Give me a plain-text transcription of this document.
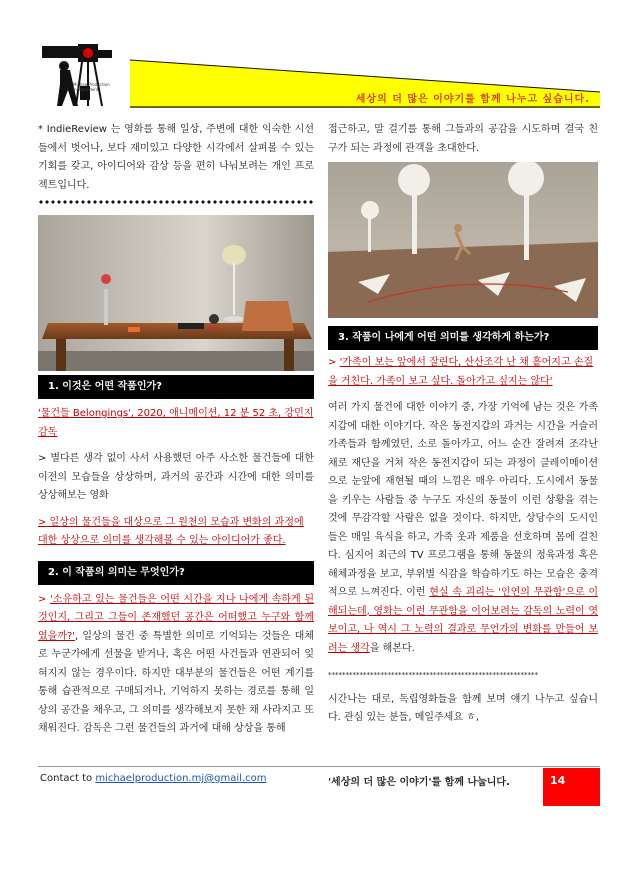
MichaelProduction
Independent
세상의 더 많은 이야기를 함께 나누고 싶습니다.

* IndieReview 는 영화를 통해 일상, 주변에 대한 익숙한 시선들에서 벗어나, 보다 재미있고 다양한 시각에서 살펴볼 수 있는 기회를 갖고, 아이디어와 감상 등을 편히 나눠보려는 개인 프로젝트입니다.

1. 이것은 어떤 작품인가?

'물건들 Belongings', 2020, 애니메이션, 12 분 52 초, 강민지 감독

> 별다른 생각 없이 사서 사용했던 아주 사소한 물건들에 대한 이전의 모습들을 상상하며, 과거의 공간과 시간에 대한 의미를 상상해보는 영화

> 일상의 물건들을 대상으로 그 원천의 모습과 변화의 과정에 대한 상상으로 의미를 생각해볼 수 있는 아이디어가 좋다.

2. 이 작품의 의미는 무엇인가?

> '소유하고 있는 물건들은 어떤 시간을 지나 나에게 속하게 된 것인지, 그리고 그들이 존재했던 공간은 어떠했고 누구와 함께였을까?', 일상의 물건 중 특별한 의미로 기억되는 것들은 대체로 누군가에게 선물을 받거나, 혹은 어떤 사건들과 연관되어 잊혀지지 않는 경우이다. 하지만 대부분의 물건들은 어떤 계기를 통해 습관적으로 구매되거나, 기억하지 못하는 경로를 통해 일상의 공간을 채우고, 그 의미를 생각해보지 못한 채 사라지고 또 채워진다. 감독은 그런 물건들의 과거에 대해 상상을 통해

3. 작품이 나에게 어떤 의미를 생각하게 하는가?

> '가족이 보는 앞에서 잘린다, 산산조각 난 채 흩어지고 손질을 거친다. 가족이 보고 싶다. 돌아가고 싶지는 않다'

여러 가지 물건에 대한 이야기 중, 가장 기억에 남는 것은 가족지갑에 대한 이야기다. 작은 동전지갑의 과거는 시간을 거슬러 가족들과 함께였던, 소로 돌아가고, 어느 순간 잘려져 조각난 채로 재단을 거쳐 작은 동전지갑이 되는 과정이 클레이메이션으로 눈앞에 재현될 때의 느낌은 매우 아리다. 도시에서 동물을 키우는 사람들 중 누구도 자신의 동물이 이런 상황을 겪는 것에 무감각할 사람은 없을 것이다. 하지만, 상당수의 도시인들은 매일 육식을 하고, 가죽 옷과 제품을 선호하며 몸에 걸친다. 심지어 최근의 TV 프로그램을 통해 동물의 정육과정 혹은 해체과정을 보고, 부위별 식감을 학습하기도 하는 모습은 충격적으로 느껴진다. 이런 현실 속 괴리는 '인연의 무관함'으로 이해되는데, 영화는 이런 무관함을 이어보려는 감독의 노력이 엿보이고, 나 역시 그 노력의 결과로 무언가의 변화를 만들어 보려는 생각을 해본다.

************************************************************

시간나는 대로, 독립영화들을 함께 보며 얘기 나누고 싶습니다. 관심 있는 분들, 메일주세요 ㅎ,

접근하고, 말 걸기를 통해 그들과의 공감을 시도하며 결국 친구가 되는 과정에 관객을 초대한다.

Contact to michaelproduction.mj@gmail.com	'세상의 더 많은 이야기'를 함께 나눕니다.	14
